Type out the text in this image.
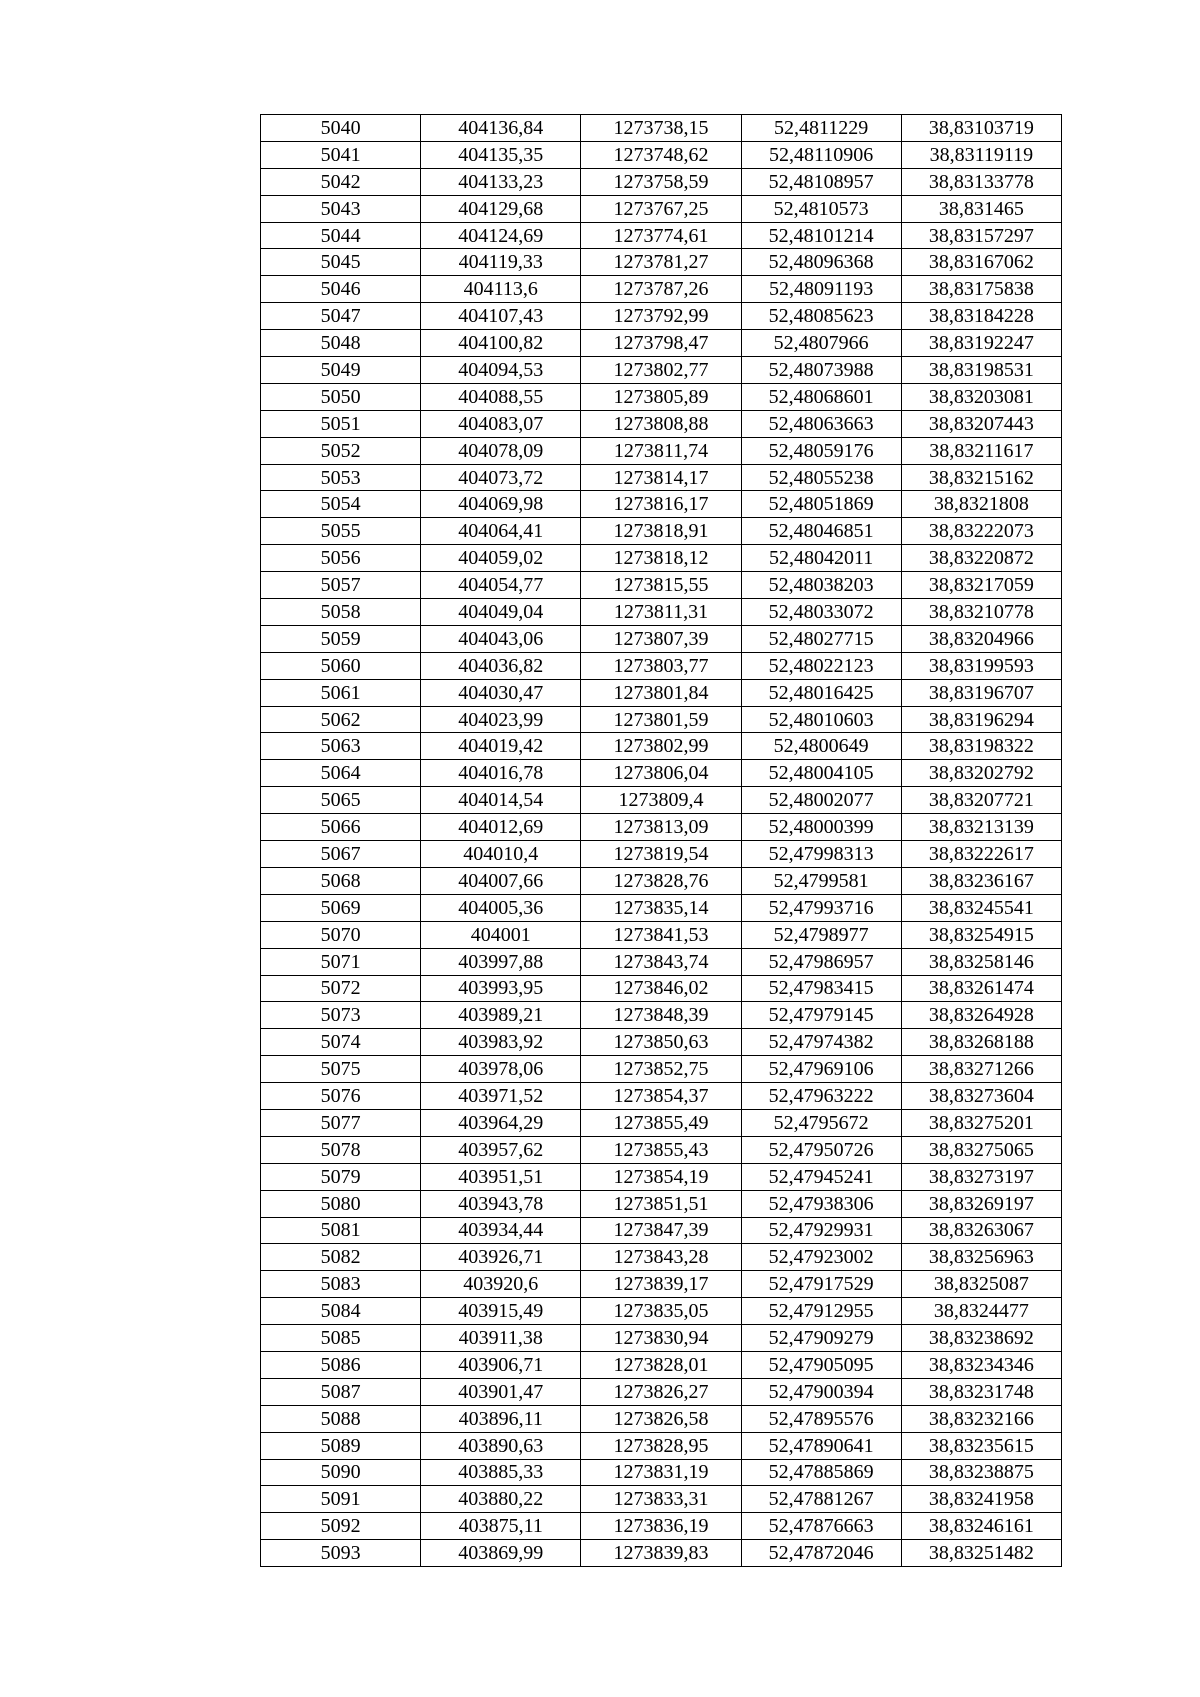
5040	404136,84	1273738,15	52,4811229	38,83103719
5041	404135,35	1273748,62	52,48110906	38,83119119
5042	404133,23	1273758,59	52,48108957	38,83133778
5043	404129,68	1273767,25	52,4810573	38,831465
5044	404124,69	1273774,61	52,48101214	38,83157297
5045	404119,33	1273781,27	52,48096368	38,83167062
5046	404113,6	1273787,26	52,48091193	38,83175838
5047	404107,43	1273792,99	52,48085623	38,83184228
5048	404100,82	1273798,47	52,4807966	38,83192247
5049	404094,53	1273802,77	52,48073988	38,83198531
5050	404088,55	1273805,89	52,48068601	38,83203081
5051	404083,07	1273808,88	52,48063663	38,83207443
5052	404078,09	1273811,74	52,48059176	38,83211617
5053	404073,72	1273814,17	52,48055238	38,83215162
5054	404069,98	1273816,17	52,48051869	38,8321808
5055	404064,41	1273818,91	52,48046851	38,83222073
5056	404059,02	1273818,12	52,48042011	38,83220872
5057	404054,77	1273815,55	52,48038203	38,83217059
5058	404049,04	1273811,31	52,48033072	38,83210778
5059	404043,06	1273807,39	52,48027715	38,83204966
5060	404036,82	1273803,77	52,48022123	38,83199593
5061	404030,47	1273801,84	52,48016425	38,83196707
5062	404023,99	1273801,59	52,48010603	38,83196294
5063	404019,42	1273802,99	52,4800649	38,83198322
5064	404016,78	1273806,04	52,48004105	38,83202792
5065	404014,54	1273809,4	52,48002077	38,83207721
5066	404012,69	1273813,09	52,48000399	38,83213139
5067	404010,4	1273819,54	52,47998313	38,83222617
5068	404007,66	1273828,76	52,4799581	38,83236167
5069	404005,36	1273835,14	52,47993716	38,83245541
5070	404001	1273841,53	52,4798977	38,83254915
5071	403997,88	1273843,74	52,47986957	38,83258146
5072	403993,95	1273846,02	52,47983415	38,83261474
5073	403989,21	1273848,39	52,47979145	38,83264928
5074	403983,92	1273850,63	52,47974382	38,83268188
5075	403978,06	1273852,75	52,47969106	38,83271266
5076	403971,52	1273854,37	52,47963222	38,83273604
5077	403964,29	1273855,49	52,4795672	38,83275201
5078	403957,62	1273855,43	52,47950726	38,83275065
5079	403951,51	1273854,19	52,47945241	38,83273197
5080	403943,78	1273851,51	52,47938306	38,83269197
5081	403934,44	1273847,39	52,47929931	38,83263067
5082	403926,71	1273843,28	52,47923002	38,83256963
5083	403920,6	1273839,17	52,47917529	38,8325087
5084	403915,49	1273835,05	52,47912955	38,8324477
5085	403911,38	1273830,94	52,47909279	38,83238692
5086	403906,71	1273828,01	52,47905095	38,83234346
5087	403901,47	1273826,27	52,47900394	38,83231748
5088	403896,11	1273826,58	52,47895576	38,83232166
5089	403890,63	1273828,95	52,47890641	38,83235615
5090	403885,33	1273831,19	52,47885869	38,83238875
5091	403880,22	1273833,31	52,47881267	38,83241958
5092	403875,11	1273836,19	52,47876663	38,83246161
5093	403869,99	1273839,83	52,47872046	38,83251482
